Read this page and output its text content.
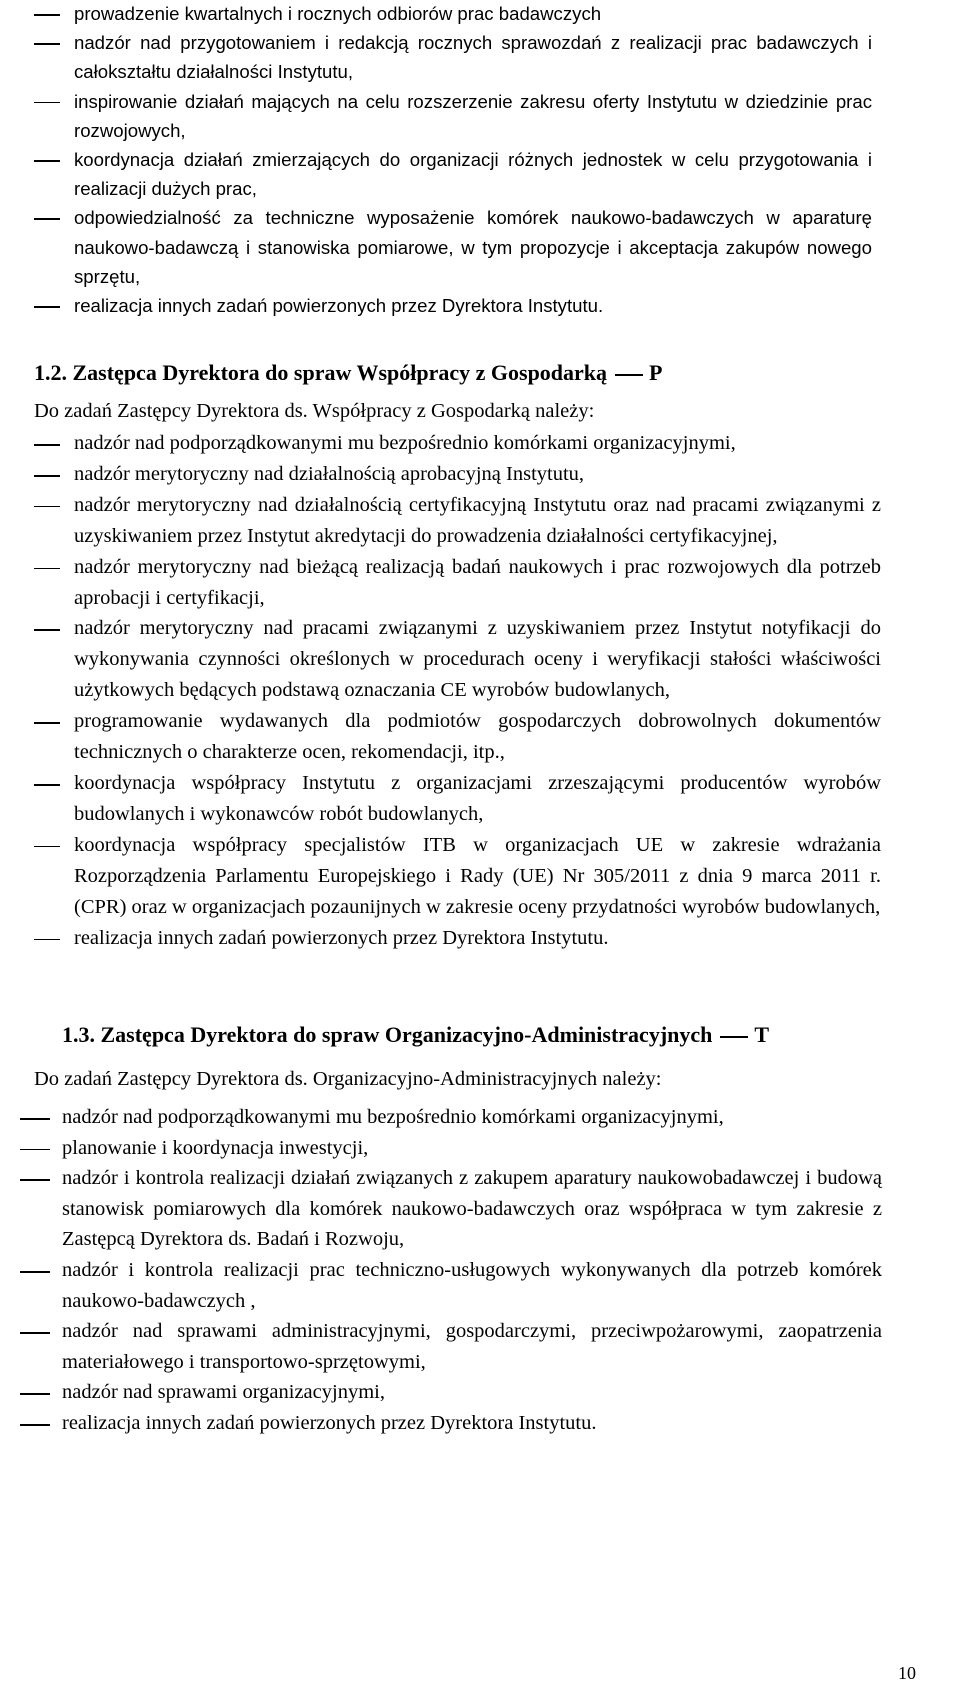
prowadzenie kwartalnych i rocznych odbiorów prac badawczych
nadzór nad przygotowaniem i redakcją rocznych sprawozdań z realizacji prac badawczych i całokształtu działalności Instytutu,
inspirowanie działań mających na celu rozszerzenie zakresu oferty Instytutu w dziedzinie prac rozwojowych,
koordynacja działań zmierzających do organizacji różnych jednostek w celu przygotowania i realizacji dużych prac,
odpowiedzialność za techniczne wyposażenie komórek naukowo-badawczych w aparaturę naukowo-badawczą i stanowiska pomiarowe, w tym propozycje i akceptacja zakupów nowego sprzętu,
realizacja innych zadań powierzonych przez Dyrektora Instytutu.
1.2. Zastępca Dyrektora do spraw Współpracy z Gospodarką P
Do zadań Zastępcy Dyrektora ds. Współpracy z Gospodarką należy:
nadzór nad podporządkowanymi mu bezpośrednio komórkami organizacyjnymi,
nadzór merytoryczny nad działalnością aprobacyjną Instytutu,
nadzór merytoryczny nad działalnością certyfikacyjną Instytutu oraz nad pracami związanymi z uzyskiwaniem przez Instytut akredytacji do prowadzenia działalności certyfikacyjnej,
nadzór merytoryczny nad bieżącą realizacją badań naukowych i prac rozwojowych dla potrzeb aprobacji i certyfikacji,
nadzór merytoryczny nad pracami związanymi z uzyskiwaniem przez Instytut notyfikacji do wykonywania czynności określonych w procedurach oceny i weryfikacji stałości właściwości użytkowych będących podstawą oznaczania CE wyrobów budowlanych,
programowanie wydawanych dla podmiotów gospodarczych dobrowolnych dokumentów technicznych o charakterze ocen, rekomendacji, itp.,
koordynacja współpracy Instytutu z organizacjami zrzeszającymi producentów wyrobów budowlanych i wykonawców robót budowlanych,
koordynacja współpracy specjalistów ITB w organizacjach UE w zakresie wdrażania Rozporządzenia Parlamentu Europejskiego i Rady (UE) Nr 305/2011 z dnia 9 marca 2011 r. (CPR) oraz w organizacjach pozaunijnych w zakresie oceny przydatności wyrobów budowlanych,
realizacja innych zadań powierzonych przez Dyrektora Instytutu.
1.3. Zastępca Dyrektora do spraw Organizacyjno-Administracyjnych T
Do zadań Zastępcy Dyrektora ds. Organizacyjno-Administracyjnych należy:
nadzór nad podporządkowanymi mu bezpośrednio komórkami organizacyjnymi,
planowanie i koordynacja inwestycji,
nadzór i kontrola realizacji działań związanych z zakupem aparatury naukowobadawczej i budową stanowisk pomiarowych dla komórek naukowo-badawczych oraz współpraca w tym zakresie z Zastępcą Dyrektora ds. Badań i Rozwoju,
nadzór i kontrola realizacji prac techniczno-usługowych wykonywanych dla potrzeb komórek naukowo-badawczych ,
nadzór nad sprawami administracyjnymi, gospodarczymi, przeciwpożarowymi, zaopatrzenia materiałowego i transportowo-sprzętowymi,
nadzór nad sprawami organizacyjnymi,
realizacja innych zadań powierzonych przez Dyrektora Instytutu.
10
